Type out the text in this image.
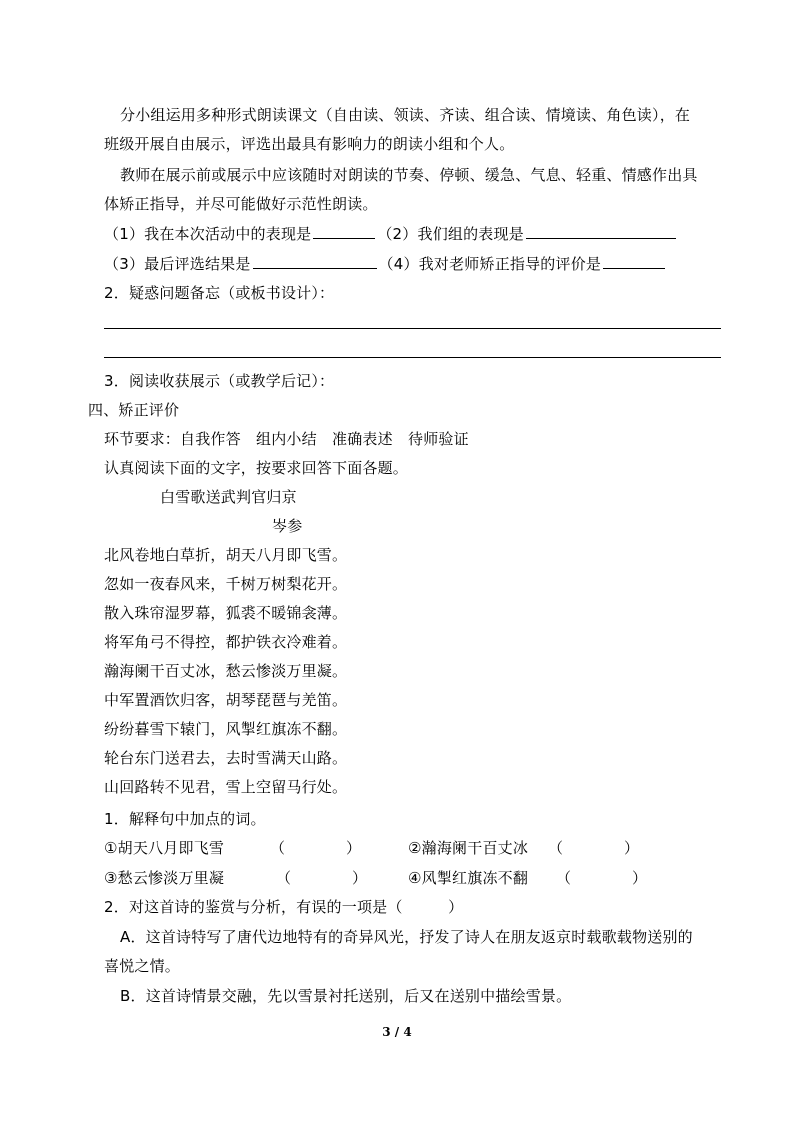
分小组运用多种形式朗读课文（自由读、领读、齐读、组合读、情境读、角色读），在
班级开展自由展示，评选出最具有影响力的朗读小组和个人。
教师在展示前或展示中应该随时对朗读的节奏、停顿、缓急、气息、轻重、情感作出具
体矫正指导，并尽可能做好示范性朗读。
（1）我在本次活动中的表现是	（2）我们组的表现是
（3）最后评选结果是	（4）我对老师矫正指导的评价是
2．疑惑问题备忘（或板书设计）：
3．阅读收获展示（或教学后记）：
四、矫正评价
环节要求：自我作答　组内小结　准确表述　待师验证
认真阅读下面的文字，按要求回答下面各题。
白雪歌送武判官归京
岑参
北风卷地白草折，胡天八月即飞雪。
忽如一夜春风来，千树万树梨花开。
散入珠帘湿罗幕，狐裘不暖锦衾薄。
将军角弓不得控，都护铁衣冷难着。
瀚海阑干百丈冰，愁云惨淡万里凝。
中军置酒饮归客，胡琴琵琶与羌笛。
纷纷暮雪下辕门，风掣红旗冻不翻。
轮台东门送君去，去时雪满天山路。
山回路转不见君，雪上空留马行处。
1．解释句中加点的词。
①胡天八月即飞雪	（　　　　）	②瀚海阑干百丈冰 （　　　　）
③愁云惨淡万里凝	（　　　　）	④风掣红旗冻不翻 （　　　　）
2．对这首诗的鉴赏与分析，有误的一项是（　　　）
A．这首诗特写了唐代边地特有的奇异风光，抒发了诗人在朋友返京时载歌载物送别的
喜悦之情。
B．这首诗情景交融，先以雪景衬托送别，后又在送别中描绘雪景。
3 / 4
